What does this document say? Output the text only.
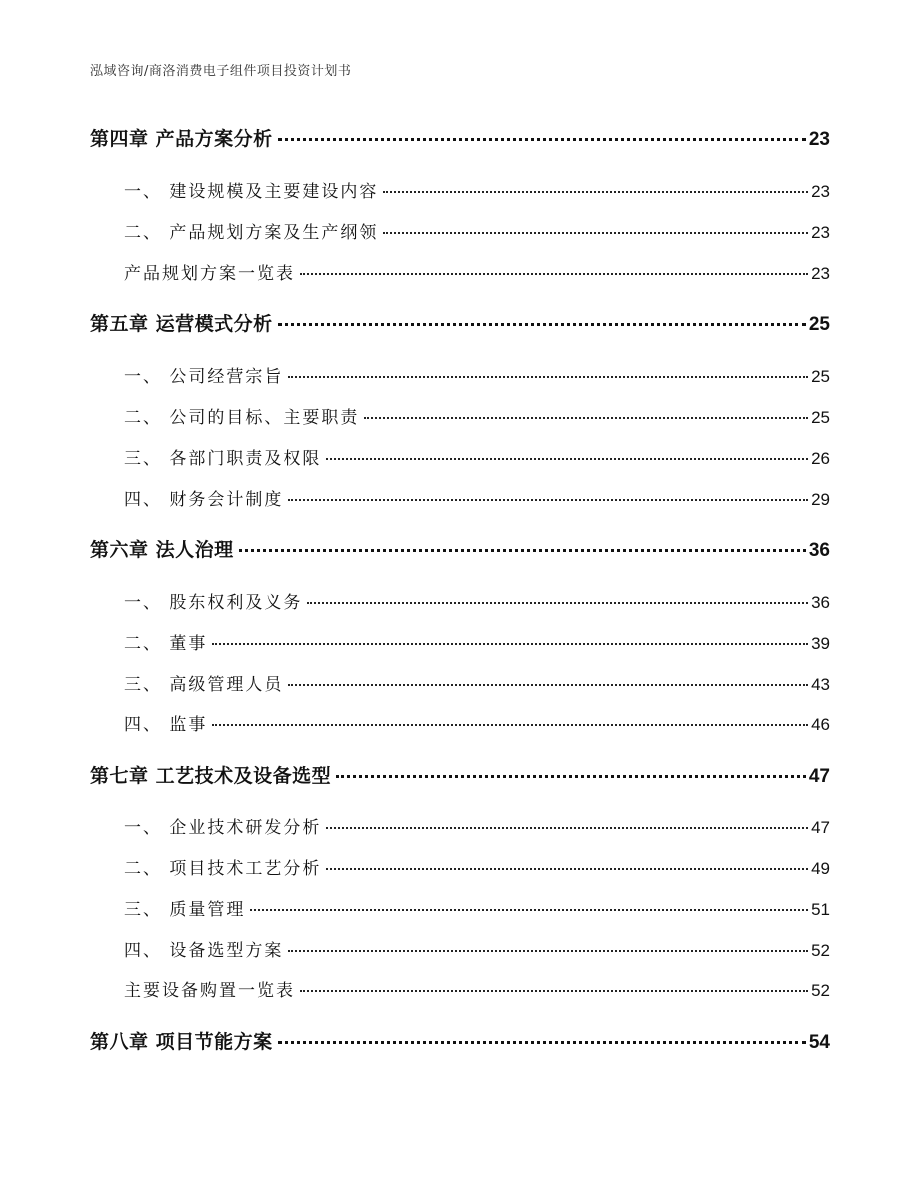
泓域咨询/商洛消费电子组件项目投资计划书
第四章 产品方案分析	23
一、 建设规模及主要建设内容	23
二、 产品规划方案及生产纲领	23
产品规划方案一览表	23
第五章 运营模式分析	25
一、 公司经营宗旨	25
二、 公司的目标、主要职责	25
三、 各部门职责及权限	26
四、 财务会计制度	29
第六章 法人治理	36
一、 股东权利及义务	36
二、 董事	39
三、 高级管理人员	43
四、 监事	46
第七章 工艺技术及设备选型	47
一、 企业技术研发分析	47
二、 项目技术工艺分析	49
三、 质量管理	51
四、 设备选型方案	52
主要设备购置一览表	52
第八章 项目节能方案	54
